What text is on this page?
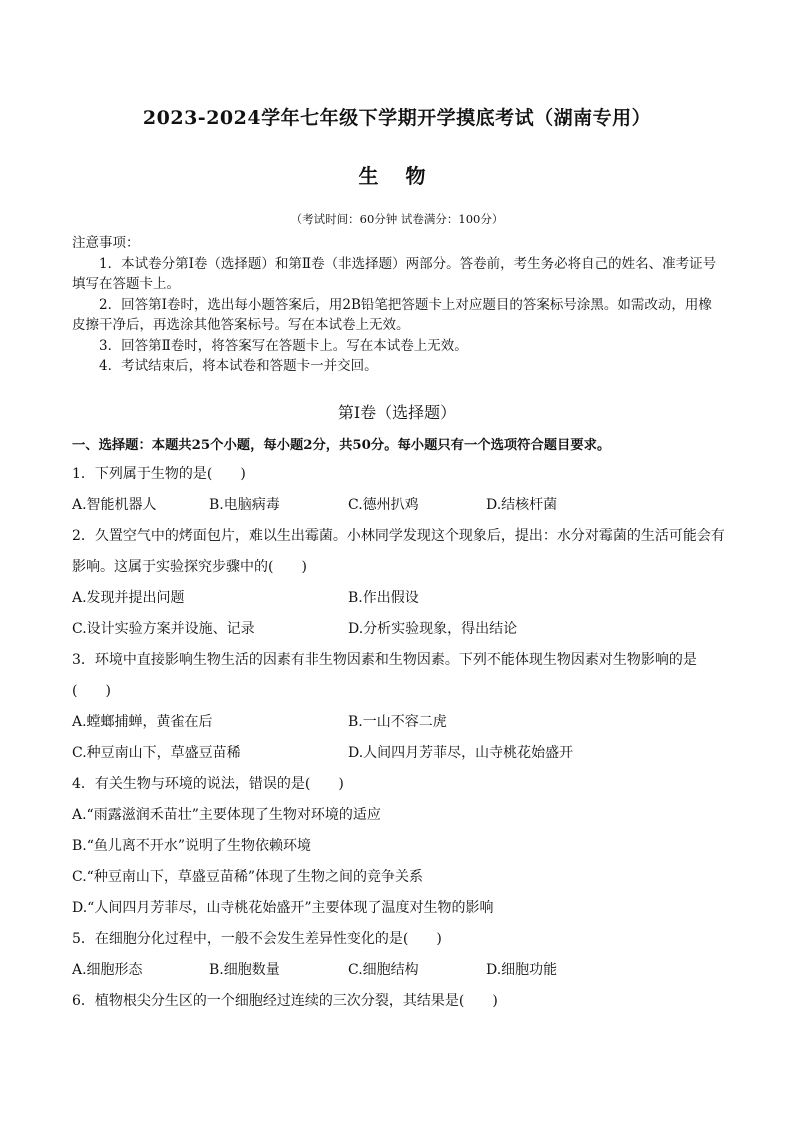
2023-2024学年七年级下学期开学摸底考试（湖南专用）
生 物
（考试时间：60分钟 试卷满分：100分）
注意事项：

1．本试卷分第Ⅰ卷（选择题）和第Ⅱ卷（非选择题）两部分。答卷前，考生务必将自己的姓名、准考证号填写在答题卡上。

2．回答第Ⅰ卷时，选出每小题答案后，用2B铅笔把答题卡上对应题目的答案标号涂黑。如需改动，用橡皮擦干净后，再选涂其他答案标号。写在本试卷上无效。

3．回答第Ⅱ卷时，将答案写在答题卡上。写在本试卷上无效。

4．考试结束后，将本试卷和答题卡一并交回。

第Ⅰ卷（选择题）
一、选择题：本题共25个小题，每小题2分，共50分。每小题只有一个选项符合题目要求。
1．下列属于生物的是(　　)
A.智能机器人	B.电脑病毒	C.德州扒鸡	D.结核杆菌
2．久置空气中的烤面包片，难以生出霉菌。小林同学发现这个现象后，提出：水分对霉菌的生活可能会有
影响。这属于实验探究步骤中的(　　)
A.发现并提出问题	B.作出假设
C.设计实验方案并设施、记录	D.分析实验现象，得出结论
3．环境中直接影响生物生活的因素有非生物因素和生物因素。下列不能体现生物因素对生物影响的是
(　　)
A.螳螂捕蝉，黄雀在后	B.一山不容二虎
C.种豆南山下，草盛豆苗稀	D.人间四月芳菲尽，山寺桃花始盛开
4．有关生物与环境的说法，错误的是(　　)
A.“雨露滋润禾苗壮”主要体现了生物对环境的适应
B.“鱼儿离不开水”说明了生物依赖环境
C.“种豆南山下，草盛豆苗稀”体现了生物之间的竞争关系
D.“人间四月芳菲尽，山寺桃花始盛开”主要体现了温度对生物的影响
5．在细胞分化过程中，一般不会发生差异性变化的是(　　)
A.细胞形态	B.细胞数量	C.细胞结构	D.细胞功能
6．植物根尖分生区的一个细胞经过连续的三次分裂，其结果是(　　)
